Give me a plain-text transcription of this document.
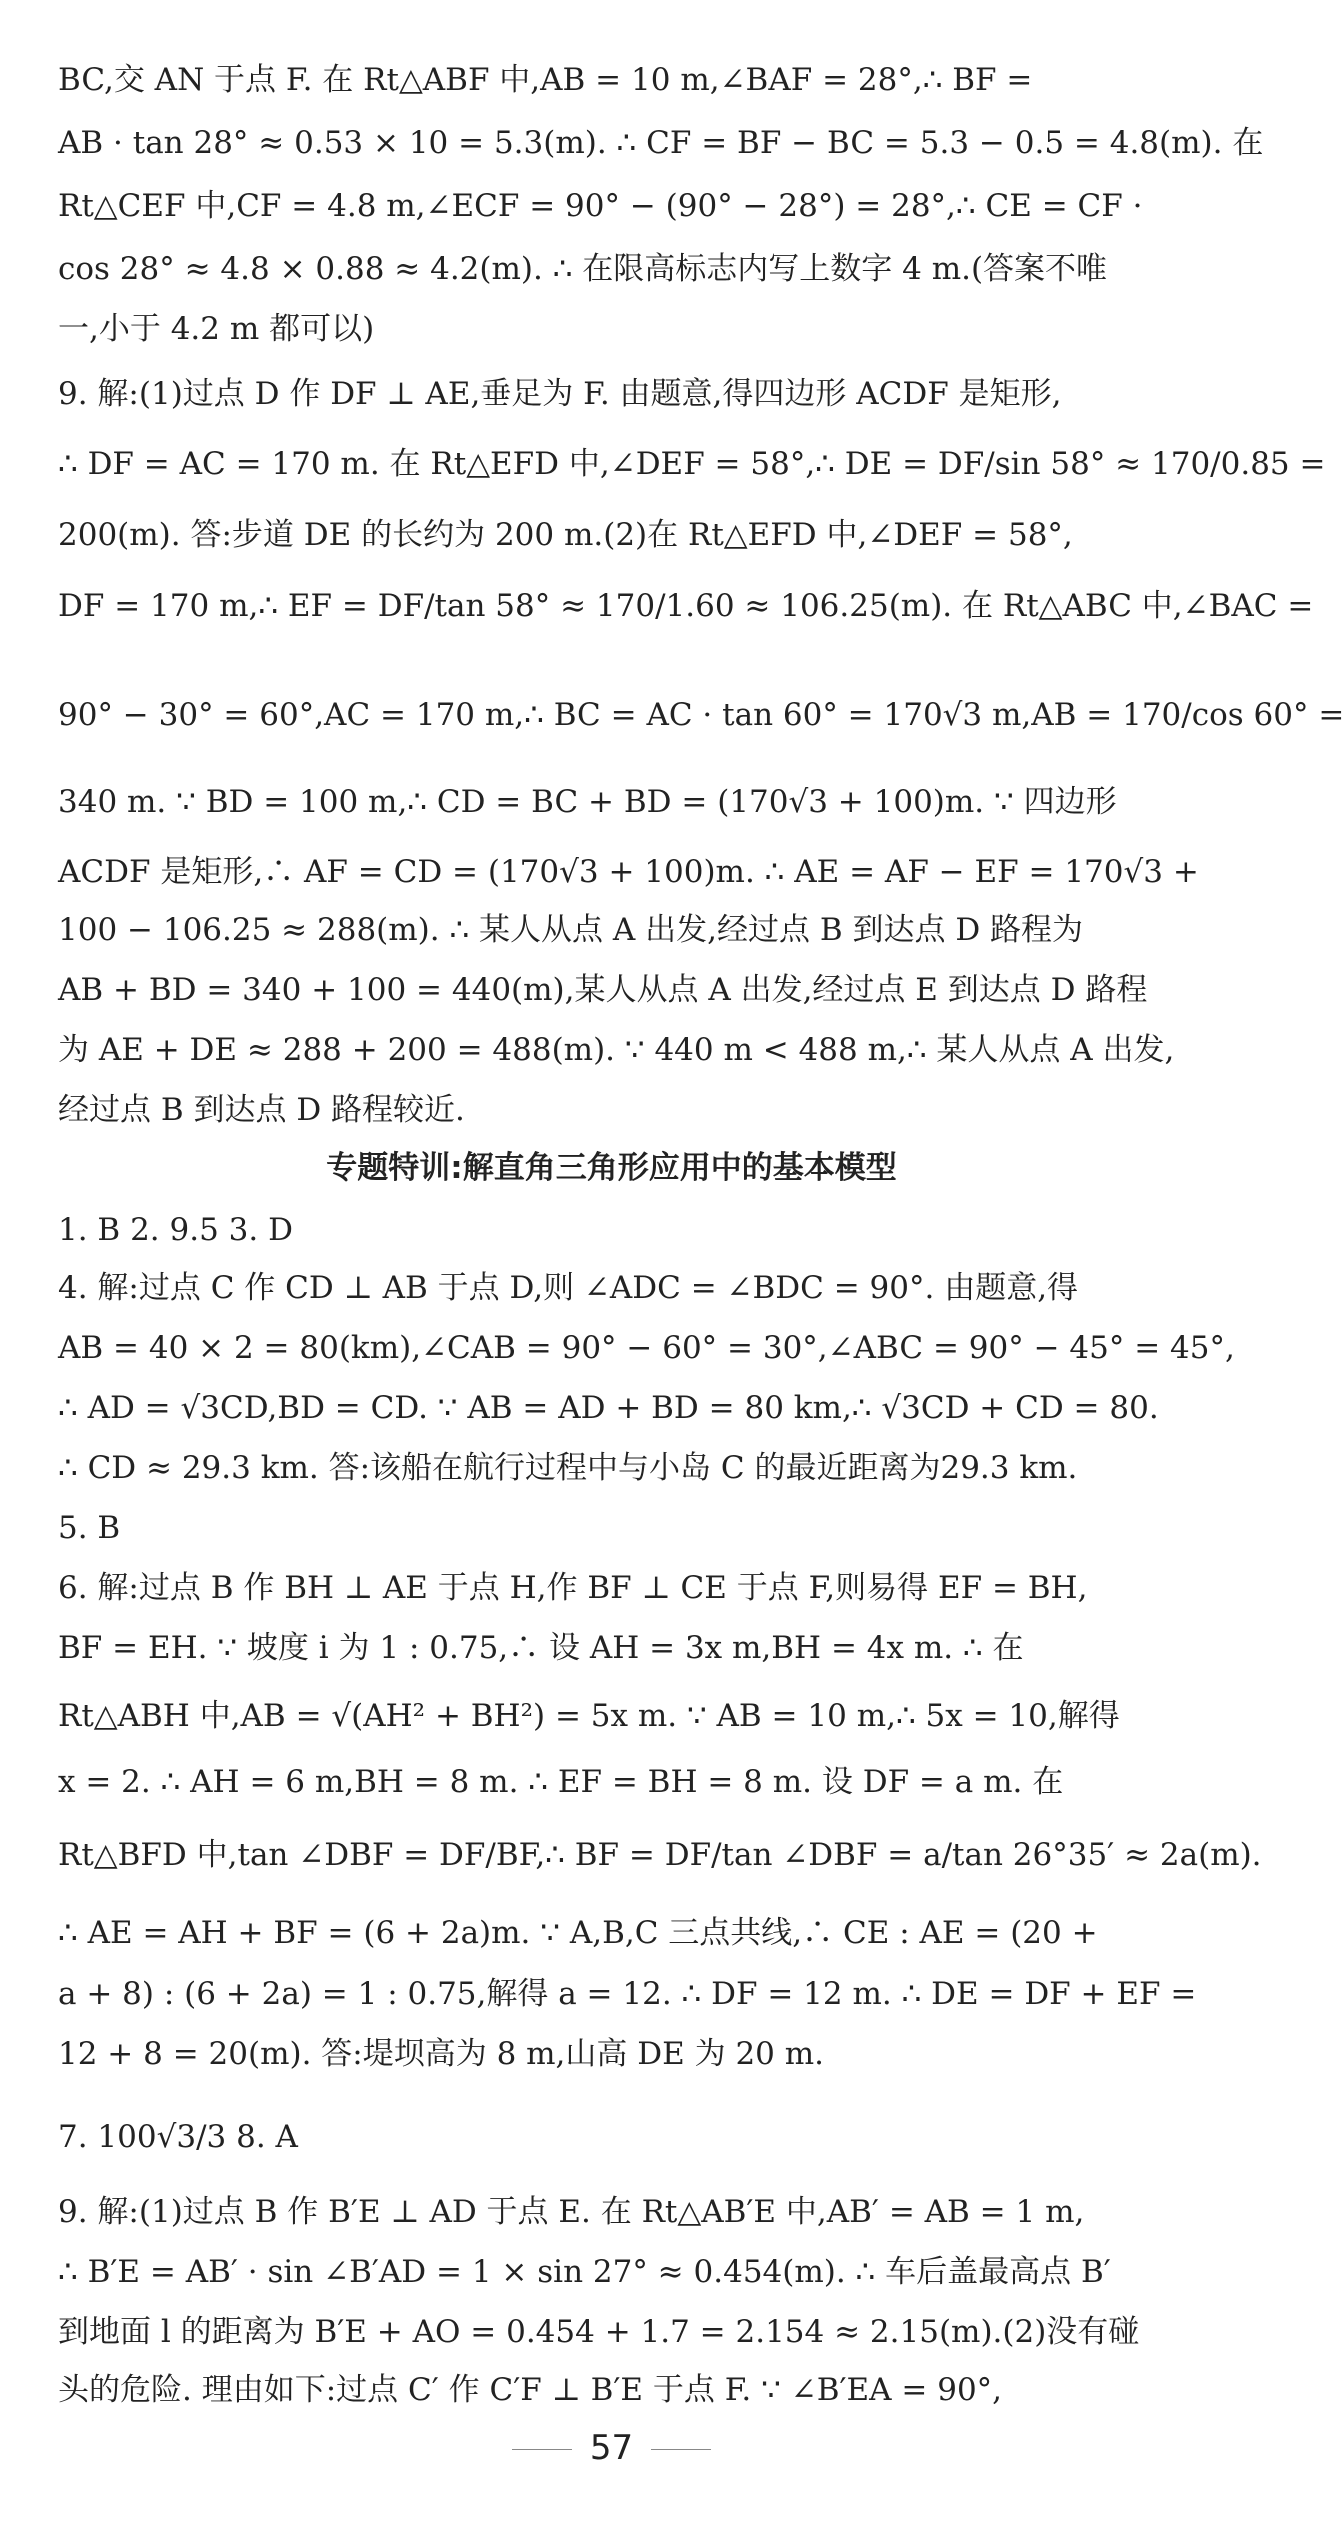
BC,交 AN 于点 F. 在 Rt△ABF 中,AB = 10 m,∠BAF = 28°,∴ BF =
AB · tan 28° ≈ 0.53 × 10 = 5.3(m). ∴ CF = BF − BC = 5.3 − 0.5 = 4.8(m). 在
Rt△CEF 中,CF = 4.8 m,∠ECF = 90° − (90° − 28°) = 28°,∴ CE = CF ·
cos 28° ≈ 4.8 × 0.88 ≈ 4.2(m). ∴ 在限高标志内写上数字 4 m.(答案不唯
一,小于 4.2 m 都可以)
9. 解:(1)过点 D 作 DF ⊥ AE,垂足为 F. 由题意,得四边形 ACDF 是矩形,
∴ DF = AC = 170 m. 在 Rt△EFD 中,∠DEF = 58°,∴ DE = DF/sin 58° ≈ 170/0.85 =
200(m). 答:步道 DE 的长约为 200 m.(2)在 Rt△EFD 中,∠DEF = 58°,
DF = 170 m,∴ EF = DF/tan 58° ≈ 170/1.60 ≈ 106.25(m). 在 Rt△ABC 中,∠BAC =
90° − 30° = 60°,AC = 170 m,∴ BC = AC · tan 60° = 170√3 m,AB = 170/cos 60° =
340 m. ∵ BD = 100 m,∴ CD = BC + BD = (170√3 + 100)m. ∵ 四边形
ACDF 是矩形,∴ AF = CD = (170√3 + 100)m. ∴ AE = AF − EF = 170√3 +
100 − 106.25 ≈ 288(m). ∴ 某人从点 A 出发,经过点 B 到达点 D 路程为
AB + BD = 340 + 100 = 440(m),某人从点 A 出发,经过点 E 到达点 D 路程
为 AE + DE ≈ 288 + 200 = 488(m). ∵ 440 m < 488 m,∴ 某人从点 A 出发,
经过点 B 到达点 D 路程较近.
专题特训:解直角三角形应用中的基本模型
1. B 2. 9.5 3. D
4. 解:过点 C 作 CD ⊥ AB 于点 D,则 ∠ADC = ∠BDC = 90°. 由题意,得
AB = 40 × 2 = 80(km),∠CAB = 90° − 60° = 30°,∠ABC = 90° − 45° = 45°,
∴ AD = √3CD,BD = CD. ∵ AB = AD + BD = 80 km,∴ √3CD + CD = 80.
∴ CD ≈ 29.3 km. 答:该船在航行过程中与小岛 C 的最近距离为29.3 km.
5. B
6. 解:过点 B 作 BH ⊥ AE 于点 H,作 BF ⊥ CE 于点 F,则易得 EF = BH,
BF = EH. ∵ 坡度 i 为 1 : 0.75,∴ 设 AH = 3x m,BH = 4x m. ∴ 在
Rt△ABH 中,AB = √(AH² + BH²) = 5x m. ∵ AB = 10 m,∴ 5x = 10,解得
x = 2. ∴ AH = 6 m,BH = 8 m. ∴ EF = BH = 8 m. 设 DF = a m. 在
Rt△BFD 中,tan ∠DBF = DF/BF,∴ BF = DF/tan ∠DBF = a/tan 26°35′ ≈ 2a(m).
∴ AE = AH + BF = (6 + 2a)m. ∵ A,B,C 三点共线,∴ CE : AE = (20 +
a + 8) : (6 + 2a) = 1 : 0.75,解得 a = 12. ∴ DF = 12 m. ∴ DE = DF + EF =
12 + 8 = 20(m). 答:堤坝高为 8 m,山高 DE 为 20 m.
7. 100√3/3 8. A
9. 解:(1)过点 B 作 B′E ⊥ AD 于点 E. 在 Rt△AB′E 中,AB′ = AB = 1 m,
∴ B′E = AB′ · sin ∠B′AD = 1 × sin 27° ≈ 0.454(m). ∴ 车后盖最高点 B′
到地面 l 的距离为 B′E + AO = 0.454 + 1.7 = 2.154 ≈ 2.15(m).(2)没有碰
头的危险. 理由如下:过点 C′ 作 C′F ⊥ B′E 于点 F. ∵ ∠B′EA = 90°,
57
